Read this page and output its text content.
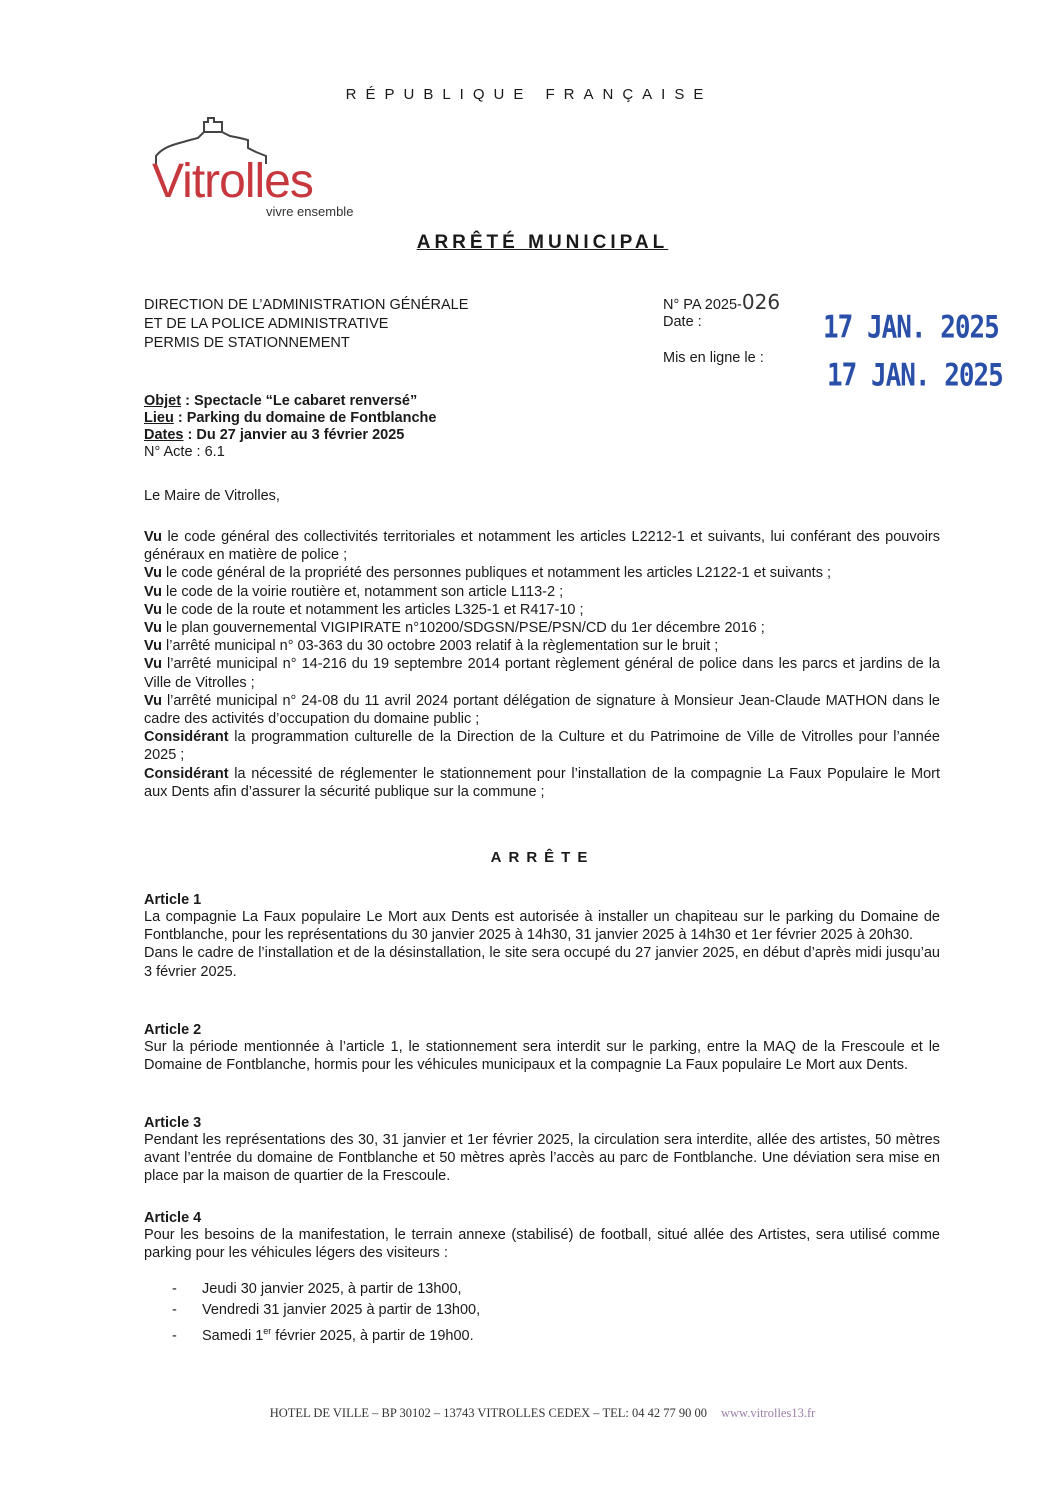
RÉPUBLIQUE FRANÇAISE
Vitrolles
vivre ensemble
ARRÊTÉ MUNICIPAL
DIRECTION DE L’ADMINISTRATION GÉNÉRALE
ET DE LA POLICE ADMINISTRATIVE
PERMIS DE STATIONNEMENT
N° PA 2025-026
Date :
Mis en ligne le :
17 JAN. 2025
17 JAN. 2025
Objet : Spectacle “Le cabaret renversé”
Lieu : Parking du domaine de Fontblanche
Dates : Du 27 janvier au 3 février 2025
N° Acte : 6.1
Le Maire de Vitrolles,

Vu le code général des collectivités territoriales et notamment les articles L2212-1 et suivants, lui conférant des pouvoirs généraux en matière de police ;

Vu le code général de la propriété des personnes publiques et notamment les articles L2122-1 et suivants ;

Vu le code de la voirie routière et, notamment son article L113-2 ;

Vu le code de la route et notamment les articles L325-1 et R417-10 ;

Vu le plan gouvernemental VIGIPIRATE n°10200/SDGSN/PSE/PSN/CD du 1er décembre 2016 ;

Vu l’arrêté municipal n° 03-363 du 30 octobre 2003 relatif à la règlementation sur le bruit ;

Vu l’arrêté municipal n° 14-216 du 19 septembre 2014 portant règlement général de police dans les parcs et jardins de la Ville de Vitrolles ;

Vu l’arrêté municipal n° 24-08 du 11 avril 2024 portant délégation de signature à Monsieur Jean-Claude MATHON dans le cadre des activités d’occupation du domaine public ;

Considérant la programmation culturelle de la Direction de la Culture et du Patrimoine de Ville de Vitrolles pour l’année 2025 ;

Considérant la nécessité de réglementer le stationnement pour l’installation de la compagnie La Faux Populaire le Mort aux Dents afin d’assurer la sécurité publique sur la commune ;

ARRÊTE
Article 1

La compagnie La Faux populaire Le Mort aux Dents est autorisée à installer un chapiteau sur le parking du Domaine de Fontblanche, pour les représentations du 30 janvier 2025 à 14h30, 31 janvier 2025 à 14h30 et 1er février 2025 à 20h30.

Dans le cadre de l’installation et de la désinstallation, le site sera occupé du 27 janvier 2025, en début d’après midi jusqu’au 3 février 2025.

Article 2

Sur la période mentionnée à l’article 1, le stationnement sera interdit sur le parking, entre la MAQ de la Frescoule et le Domaine de Fontblanche, hormis pour les véhicules municipaux et la compagnie La Faux populaire Le Mort aux Dents.

Article 3

Pendant les représentations des 30, 31 janvier et 1er février 2025, la circulation sera interdite, allée des artistes, 50 mètres avant l’entrée du domaine de Fontblanche et 50 mètres après l’accès au parc de Fontblanche. Une déviation sera mise en place par la maison de quartier de la Frescoule.

Article 4

Pour les besoins de la manifestation, le terrain annexe (stabilisé) de football, situé allée des Artistes, sera utilisé comme parking pour les véhicules légers des visiteurs :

- Jeudi 30 janvier 2025, à partir de 13h00,
- Vendredi 31 janvier 2025 à partir de 13h00,
- Samedi 1er février 2025, à partir de 19h00.
HOTEL DE VILLE – BP 30102 – 13743 VITROLLES CEDEX – TEL: 04 42 77 90 00 www.vitrolles13.fr
